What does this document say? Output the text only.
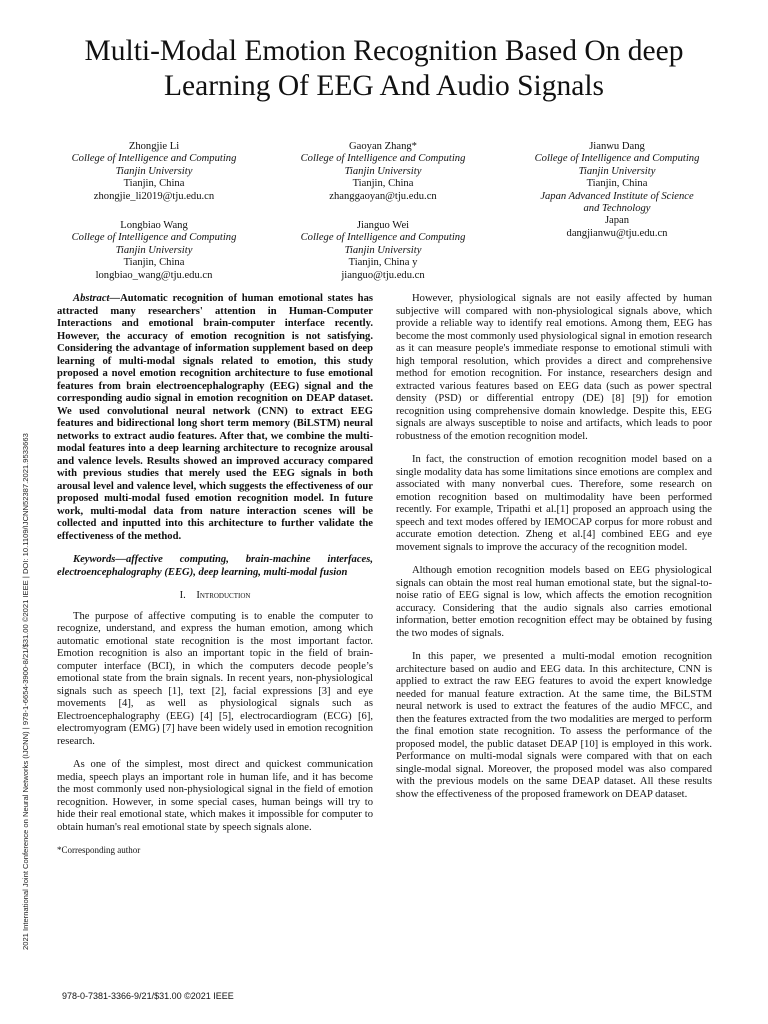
Multi-Modal Emotion Recognition Based On deep
Learning Of EEG And Audio Signals
Zhongjie Li
College of Intelligence and Computing
Tianjin University
Tianjin, China
zhongjie_li2019@tju.edu.cn
Gaoyan Zhang*
College of Intelligence and Computing
Tianjin University
Tianjin, China
zhanggaoyan@tju.edu.cn
Jianwu Dang
College of Intelligence and Computing
Tianjin University
Tianjin, China
Japan Advanced Institute of Science
and Technology
Japan
dangjianwu@tju.edu.cn
Longbiao Wang
College of Intelligence and Computing
Tianjin University
Tianjin, China
longbiao_wang@tju.edu.cn
Jianguo Wei
College of Intelligence and Computing
Tianjin University
Tianjin, China y
jianguo@tju.edu.cn

Abstract—Automatic recognition of human emotional states has attracted many researchers' attention in Human-Computer Interactions and emotional brain-computer interface recently. However, the accuracy of emotion recognition is not satisfying. Considering the advantage of information supplement based on deep learning of multi-modal signals related to emotion, this study proposed a novel emotion recognition architecture to fuse emotional features from brain electroencephalography (EEG) signal and the corresponding audio signal in emotion recognition on DEAP dataset. We used convolutional neural network (CNN) to extract EEG features and bidirectional long short term memory (BiLSTM) neural networks to extract audio features. After that, we combine the multi-modal features into a deep learning architecture to recognize arousal and valence levels. Results showed an improved accuracy compared with previous studies that merely used the EEG signals in both arousal level and valence level, which suggests the effectiveness of our proposed multi-modal fused emotion recognition model. In future work, multi-modal data from nature interaction scenes will be collected and inputted into this architecture to further validate the effectiveness of the method.

Keywords—affective computing, brain-machine interfaces, electroencephalography (EEG), deep learning, multi-modal fusion

I. Introduction

The purpose of affective computing is to enable the computer to recognize, understand, and express the human emotion, among which automatic emotional state recognition is the most important factor. Emotion recognition is also an important topic in the field of brain-computer interface (BCI), in which the computers decode people’s emotional state from the brain signals. In recent years, non-physiological signals such as speech [1], text [2], facial expressions [3] and eye movements [4], as well as physiological signals such as Electroencephalography (EEG) [4] [5], electrocardiogram (ECG) [6], electromyogram (EMG) [7] have been widely used in emotion recognition research.

As one of the simplest, most direct and quickest communication media, speech plays an important role in human life, and it has become the most commonly used non-physiological signal in the field of emotion recognition. However, in some special cases, human beings will try to hide their real emotional state, which makes it impossible for computer to obtain human's real emotional state by speech signals alone.

*Corresponding author

However, physiological signals are not easily affected by human subjective will compared with non-physiological signals above, which provide a reliable way to identify real emotions. Among them, EEG has become the most commonly used physiological signal in emotion research as it can measure people's immediate response to emotional stimuli with high temporal resolution, which provides a direct and comprehensive method for emotion recognition. For instance, researchers design and extracted various features based on EEG data (such as power spectral density (PSD) or differential entropy (DE) [8] [9]) for emotion recognition using comprehensive domain knowledge. Despite this, EEG signals are always susceptible to noise and artifacts, which leads to poor robustness of the emotion recognition model.

In fact, the construction of emotion recognition model based on a single modality data has some limitations since emotions are complex and associated with many nonverbal cues. Therefore, some research on emotion recognition based on multimodality have been performed recently. For example, Tripathi et al.[1] proposed an approach using the speech and text modes offered by IEMOCAP corpus for more robust and accurate emotion detection. Zheng et al.[4] combined EEG and eye movement signals to improve the accuracy of the recognition model.

Although emotion recognition models based on EEG physiological signals can obtain the most real human emotional state, but the signal-to-noise ratio of EEG signal is low, which affects the emotion recognition accuracy. Considering that the audio signals also carries emotional information, better emotion recognition effect may be obtained by fusing the two modes of signals.

In this paper, we presented a multi-modal emotion recognition architecture based on audio and EEG data. In this architecture, CNN is applied to extract the raw EEG features to avoid the expert knowledge needed for manual feature extraction. At the same time, the BiLSTM neural network is used to extract the features of the audio MFCC, and then the features extracted from the two modalities are merged to perform the final emotion state recognition. To assess the performance of the proposed model, the public dataset DEAP [10] is employed in this work. Performance on multi-modal signals were compared with that on each single-modal signal. Moreover, the proposed model was also compared with the previous models on the same DEAP dataset. All these results show the effectiveness of the proposed framework on DEAP dataset.

2021 International Joint Conference on Neural Networks (IJCNN) | 978-1-6654-3900-8/21/$31.00 ©2021 IEEE | DOI: 10.1109/IJCNN52387.2021.9533663
978-0-7381-3366-9/21/$31.00 ©2021 IEEE
